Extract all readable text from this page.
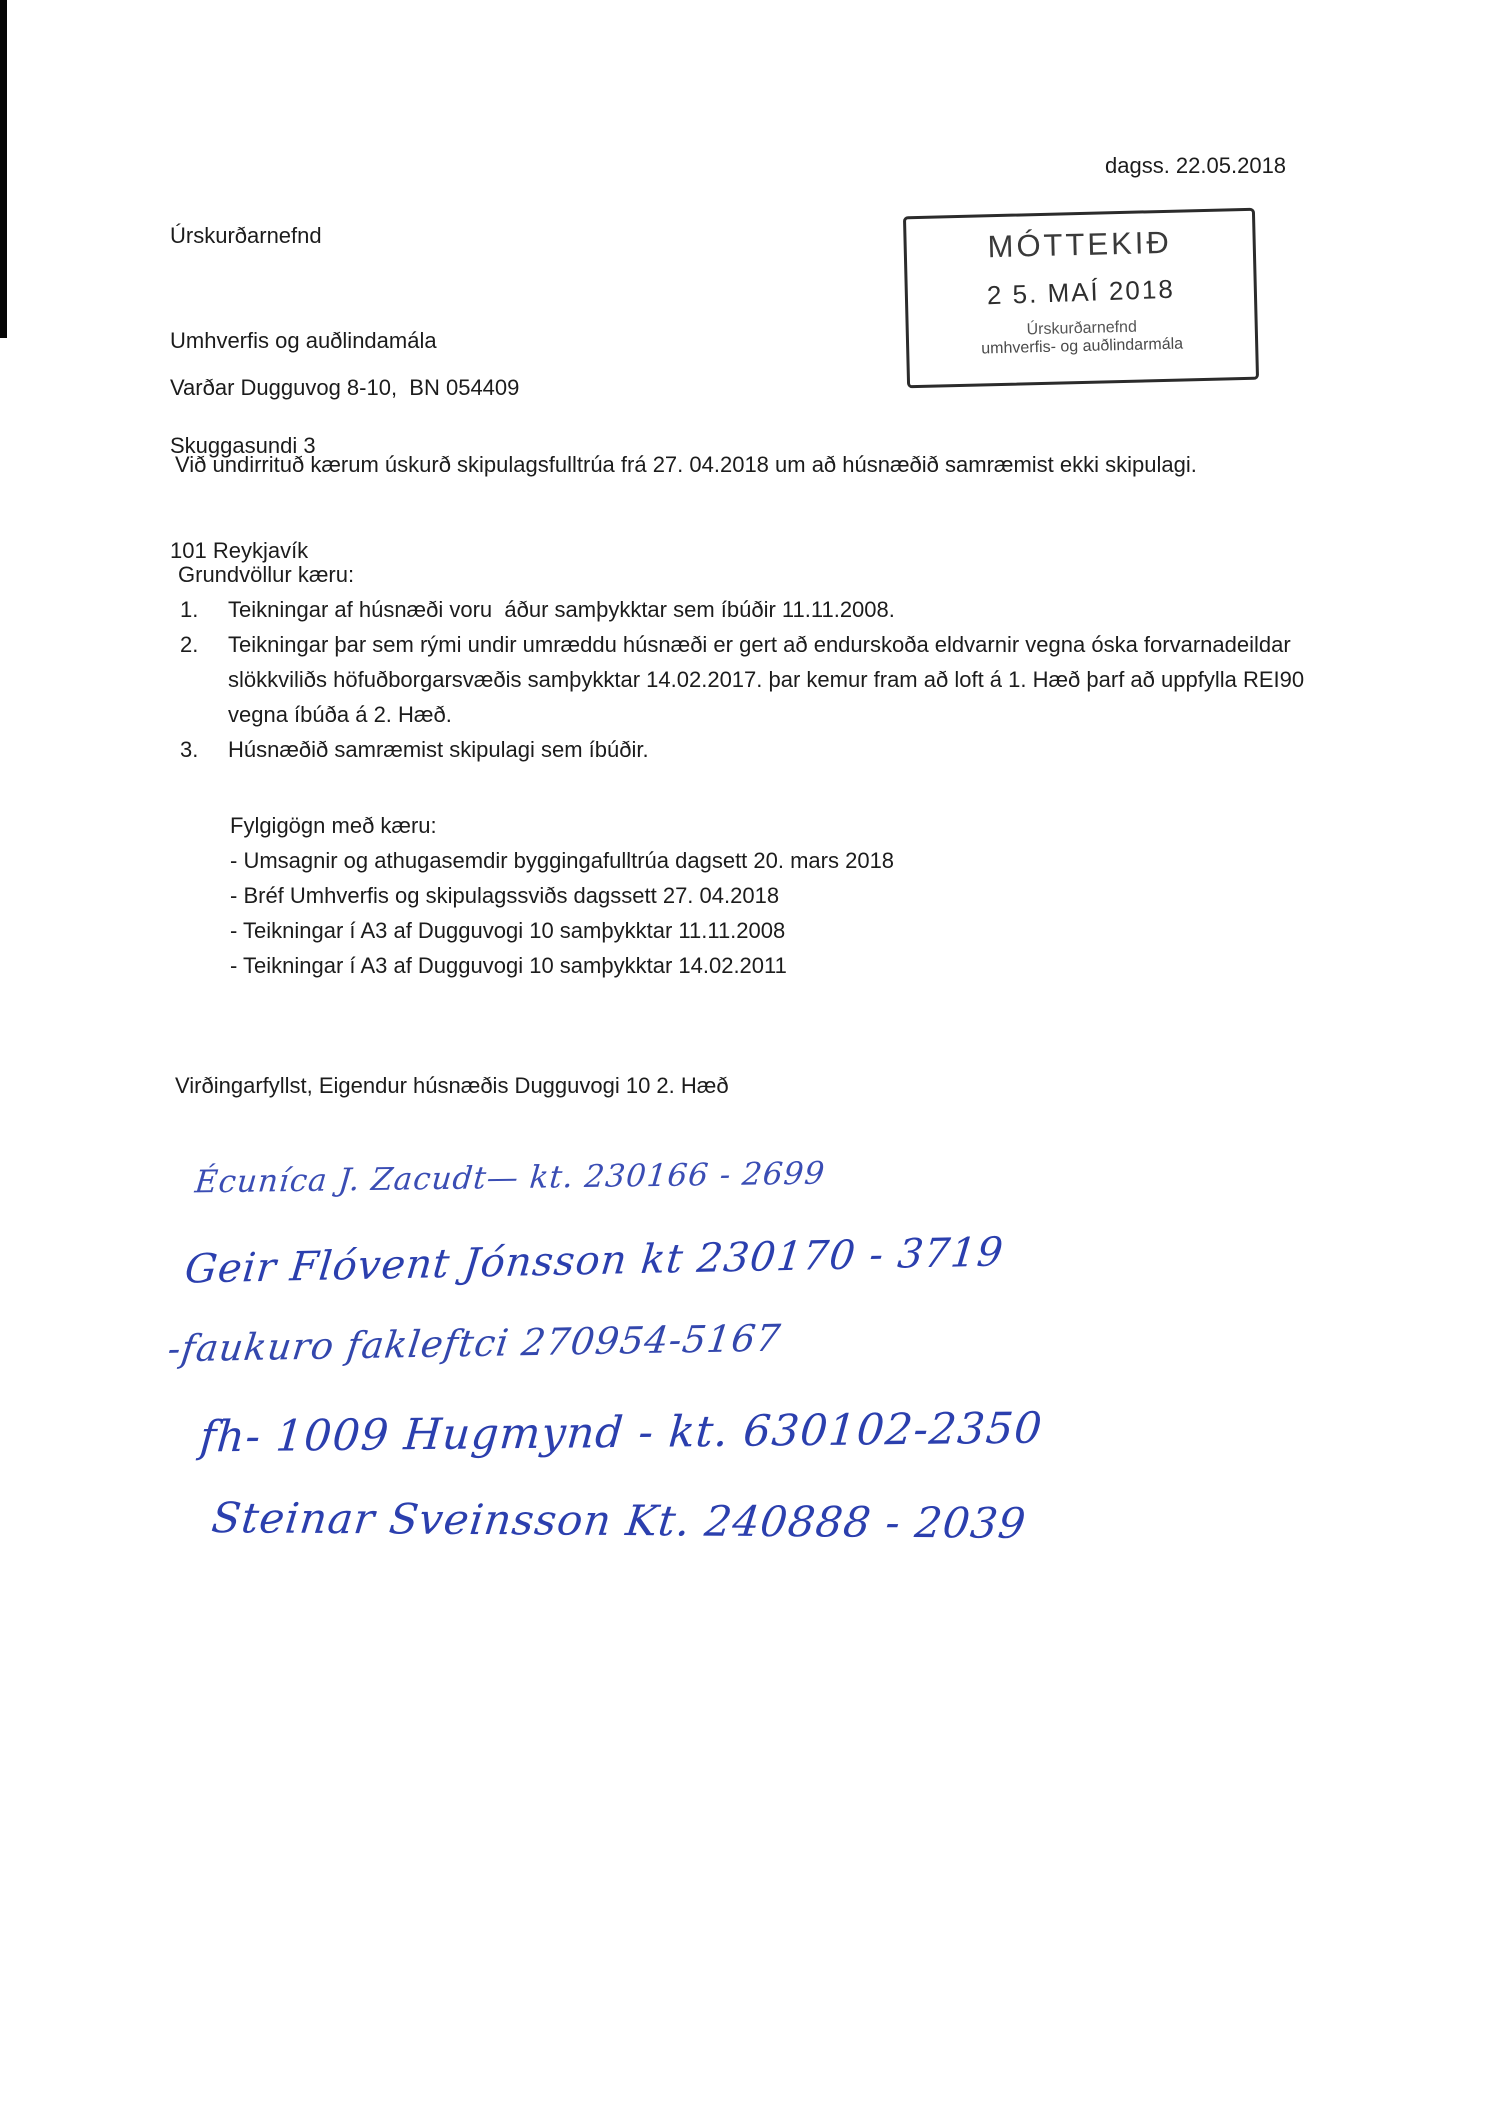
Úrskurðarnefnd

Umhverfis og auðlindamála

Skuggasundi 3

101 Reykjavík

dagss. 22.05.2018
MÓTTEKIÐ
2 5. MAÍ 2018
Úrskurðarnefnd
umhverfis- og auðlindarmála
Varðar Dugguvog 8-10,  BN 054409
Við undirrituð kærum úskurð skipulagsfulltrúa frá 27. 04.2018 um að húsnæðið samræmist ekki skipulagi.
Grundvöllur kæru:
1.	Teikningar af húsnæði voru  áður samþykktar sem íbúðir 11.11.2008.
2.	Teikningar þar sem rými undir umræddu húsnæði er gert að endurskoða eldvarnir vegna óska forvarnadeildar slökkviliðs höfuðborgarsvæðis samþykktar 14.02.2017. þar kemur fram að loft á 1. Hæð þarf að uppfylla REI90 vegna íbúða á 2. Hæð.
3.	Húsnæðið samræmist skipulagi sem íbúðir.
Fylgigögn með kæru:
- Umsagnir og athugasemdir byggingafulltrúa dagsett 20. mars 2018
- Bréf Umhverfis og skipulagssviðs dagssett 27. 04.2018
- Teikningar í A3 af Dugguvogi 10 samþykktar 11.11.2008
- Teikningar í A3 af Dugguvogi 10 samþykktar 14.02.2011
Virðingarfyllst, Eigendur húsnæðis Dugguvogi 10 2. Hæð
Écuníca J. Zacudt— kt. 230166 - 2699
Geir Flóvent Jónsson kt 230170 - 3719
-faukuro fakleftci 270954-5167
fh- 1009 Hugmynd - kt. 630102-2350
Steinar Sveinsson Kt. 240888 - 2039
